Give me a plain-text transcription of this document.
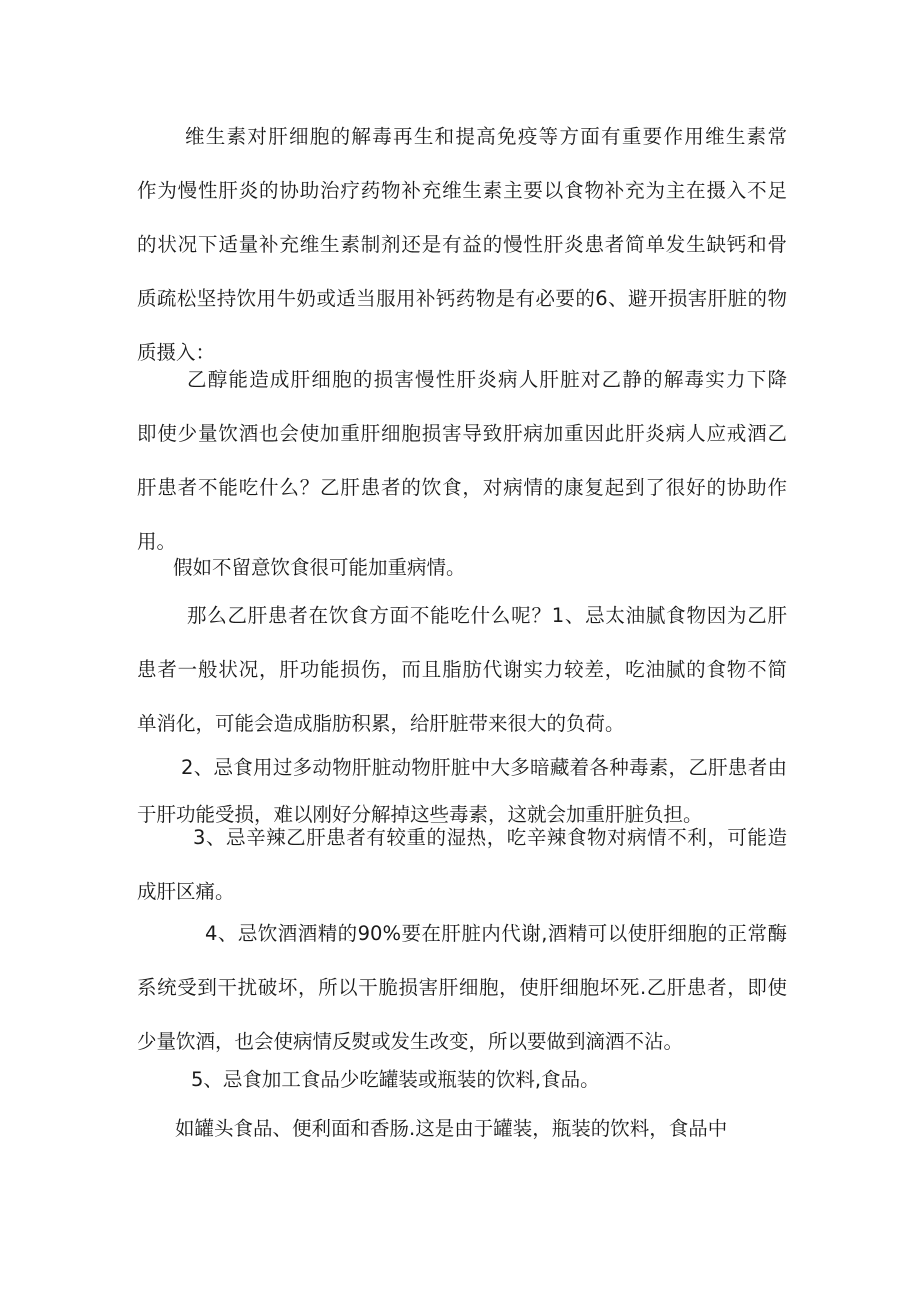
维生素对肝细胞的解毒再生和提高免疫等方面有重要作用维生素常
作为慢性肝炎的协助治疗药物补充维生素主要以食物补充为主在摄入不足
的状况下适量补充维生素制剂还是有益的慢性肝炎患者简单发生缺钙和骨
质疏松坚持饮用牛奶或适当服用补钙药物是有必要的6、避开损害肝脏的物
质摄入：

乙醇能造成肝细胞的损害慢性肝炎病人肝脏对乙静的解毒实力下降
即使少量饮酒也会使加重肝细胞损害导致肝病加重因此肝炎病人应戒酒乙
肝患者不能吃什么？乙肝患者的饮食，对病情的康复起到了很好的协助作
用。

假如不留意饮食很可能加重病情。

那么乙肝患者在饮食方面不能吃什么呢？1、忌太油腻食物因为乙肝
患者一般状况，肝功能损伤，而且脂肪代谢实力较差，吃油腻的食物不简
单消化，可能会造成脂肪积累，给肝脏带来很大的负荷。

2、忌食用过多动物肝脏动物肝脏中大多暗藏着各种毒素，乙肝患者由
于肝功能受损，难以刚好分解掉这些毒素，这就会加重肝脏负担。

3、忌辛辣乙肝患者有较重的湿热，吃辛辣食物对病情不利，可能造
成肝区痛。

4、忌饮酒酒精的90%要在肝脏内代谢,酒精可以使肝细胞的正常酶
系统受到干扰破坏，所以干脆损害肝细胞，使肝细胞坏死.乙肝患者，即使
少量饮酒，也会使病情反熨或发生改变，所以要做到滴酒不沾。

5、忌食加工食品少吃罐装或瓶装的饮料,食品。

如罐头食品、便利面和香肠.这是由于罐装，瓶装的饮料，食品中
